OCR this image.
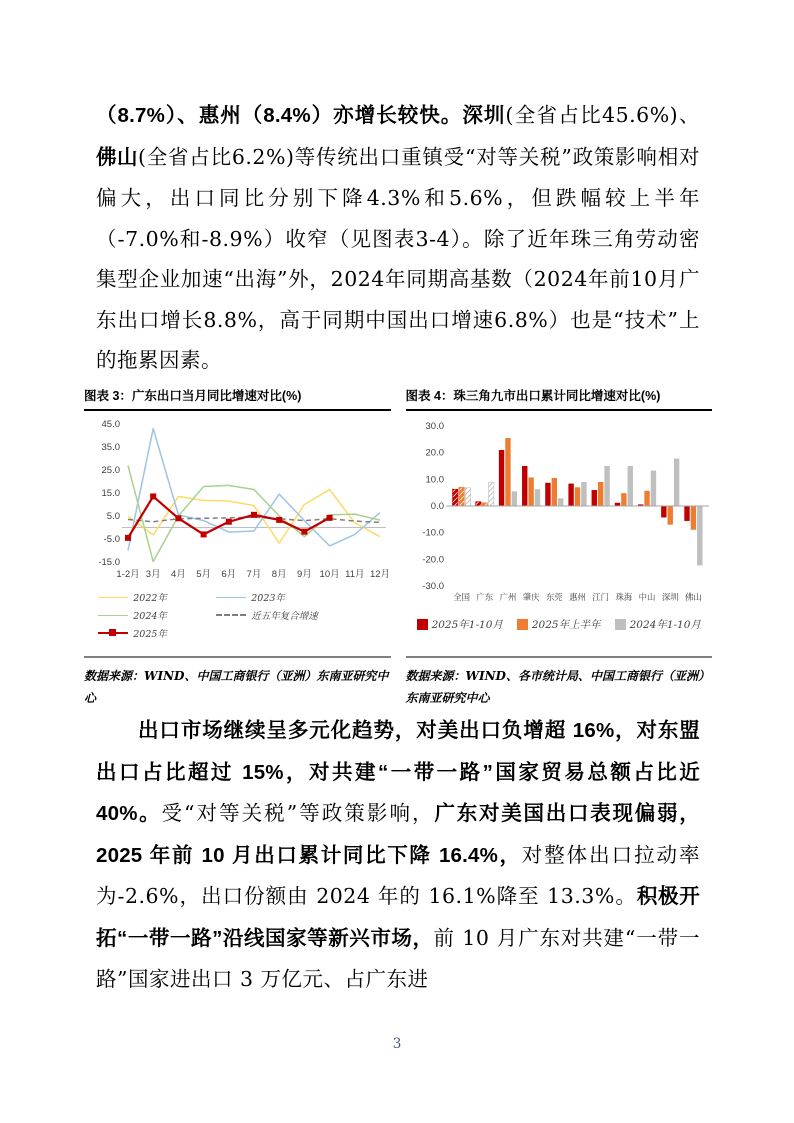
（8.7%）、惠州（8.4%）亦增长较快。深圳(全省占比45.6%)、佛山(全省占比6.2%)等传统出口重镇受“对等关税”政策影响相对偏大，出口同比分别下降4.3%和5.6%，但跌幅较上半年（-7.0%和-8.9%）收窄（见图表3-4）。除了近年珠三角劳动密集型企业加速“出海”外，2024年同期高基数（2024年前10月广东出口增长8.8%，高于同期中国出口增速6.8%）也是“技术”上的拖累因素。
图表 3：广东出口当月同比增速对比(%)
45.0
35.0
25.0
15.0
5.0
-5.0
-15.0
1-2月 3月 4月 5月 6月 7月 8月 9月 10月 11月 12月
2022年	2023年
2024年	近五年复合增速
2025年
数据来源：WIND、中国工商银行（亚洲）东南亚研究中心
图表 4：珠三角九市出口累计同比增速对比(%)
30.0
20.0
10.0
0.0
-10.0
-20.0
-30.0
全国 广东 广州 肇庆 东莞 惠州 江门 珠海 中山 深圳 佛山
2025年1-10月	2025年上半年	2024年1-10月
数据来源：WIND、各市统计局、中国工商银行（亚洲）东南亚研究中心
出口市场继续呈多元化趋势，对美出口负增超 16%，对东盟出口占比超过 15%，对共建“一带一路”国家贸易总额占比近 40%。受“对等关税”等政策影响，广东对美国出口表现偏弱，2025 年前 10 月出口累计同比下降 16.4%，对整体出口拉动率为-2.6%，出口份额由 2024 年的 16.1%降至 13.3%。积极开拓“一带一路”沿线国家等新兴市场，前 10 月广东对共建“一带一路”国家进出口 3 万亿元、占广东进
3
